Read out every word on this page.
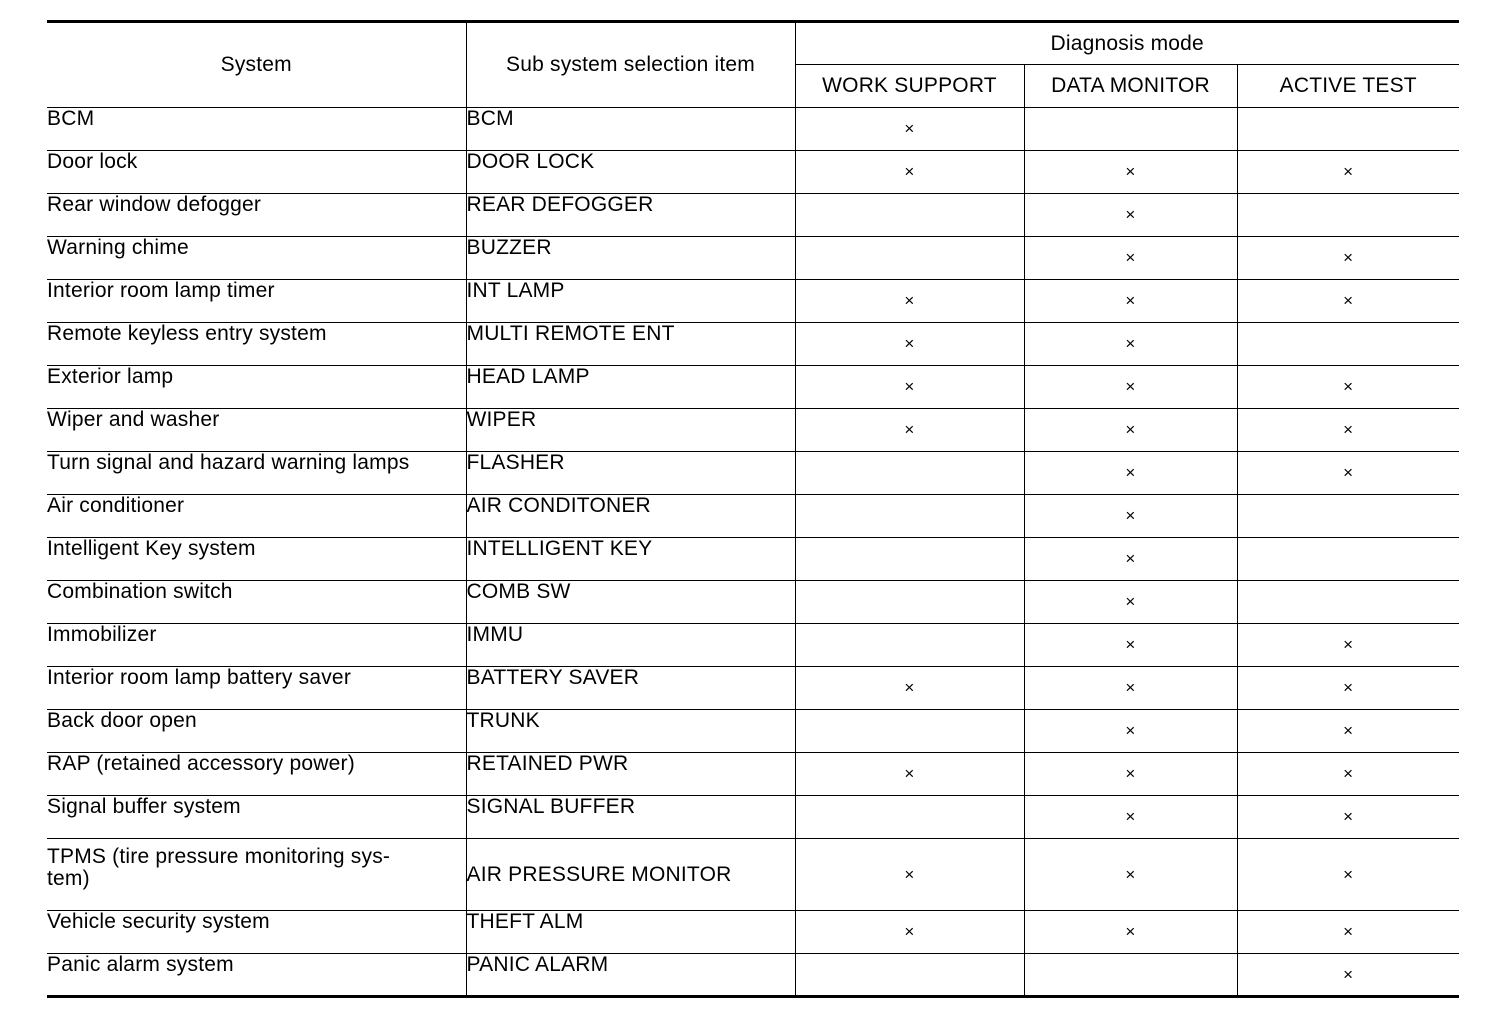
System	Sub system selection item	Diagnosis mode		
		WORK SUPPORT	DATA MONITOR	ACTIVE TEST
BCM	BCM	×		
Door lock	DOOR LOCK	×	×	×
Rear window defogger	REAR DEFOGGER		×	
Warning chime	BUZZER		×	×
Interior room lamp timer	INT LAMP	×	×	×
Remote keyless entry system	MULTI REMOTE ENT	×	×	
Exterior lamp	HEAD LAMP	×	×	×
Wiper and washer	WIPER	×	×	×
Turn signal and hazard warning lamps	FLASHER		×	×
Air conditioner	AIR CONDITONER		×	
Intelligent Key system	INTELLIGENT KEY		×	
Combination switch	COMB SW		×	
Immobilizer	IMMU		×	×
Interior room lamp battery saver	BATTERY SAVER	×	×	×
Back door open	TRUNK		×	×
RAP (retained accessory power)	RETAINED PWR	×	×	×
Signal buffer system	SIGNAL BUFFER		×	×
TPMS (tire pressure monitoring sys-
tem)	AIR PRESSURE MONITOR	×	×	×
Vehicle security system	THEFT ALM	×	×	×
Panic alarm system	PANIC ALARM			×
